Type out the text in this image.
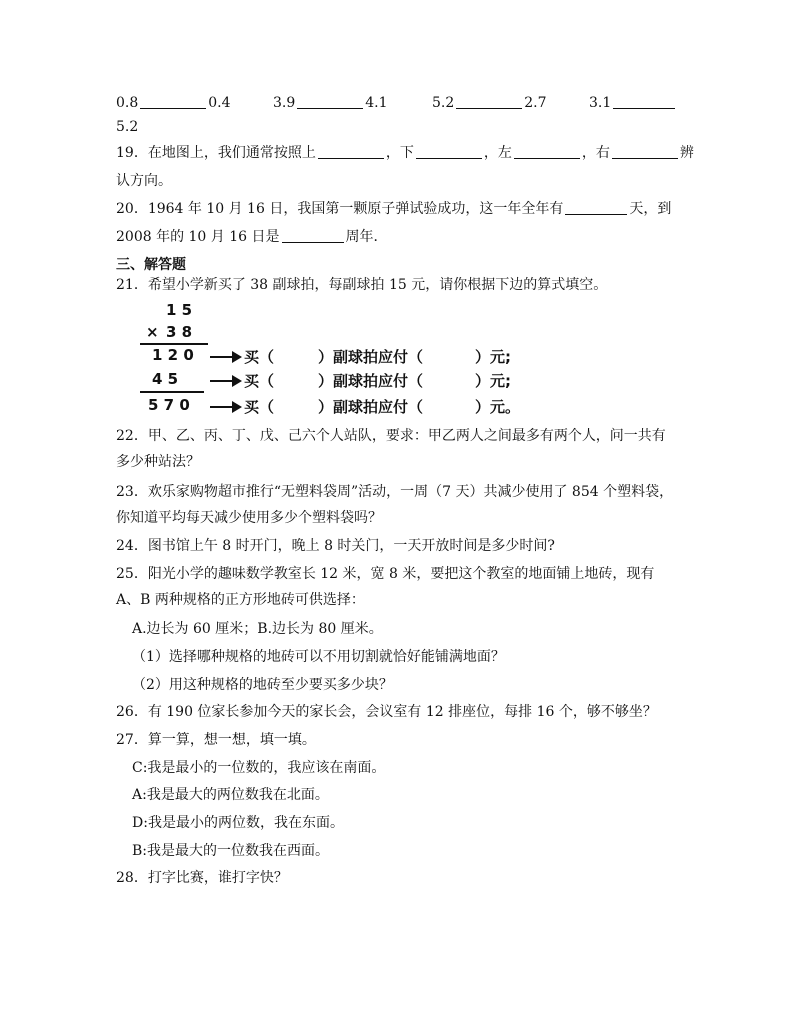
0.8	0.4	3.9	4.1	5.2	2.7	3.1
5.2
19．在地图上，我们通常按照上	，下	，左	，右	辨
认方向。
20．1964 年 10 月 16 日，我国第一颗原子弹试验成功，这一年全年有	天，到
2008 年的 10 月 16 日是	周年．
三、解答题
21．希望小学新买了 38 副球拍，每副球拍 15 元，请你根据下边的算式填空。
1 5
× 3 8
1 2 0	买（	）副球拍应付（	）元;
4 5	买（	）副球拍应付（	）元;
5 7 0	买（	）副球拍应付（	）元。
22．甲、乙、丙、丁、戊、己六个人站队，要求：甲乙两人之间最多有两个人，问一共有
多少种站法？
23．欢乐家购物超市推行“无塑料袋周”活动，一周（7 天）共减少使用了 854 个塑料袋，
你知道平均每天减少使用多少个塑料袋吗？
24．图书馆上午 8 时开门，晚上 8 时关门，一天开放时间是多少时间?
25．阳光小学的趣味数学教室长 12 米，宽 8 米，要把这个教室的地面铺上地砖，现有
A、B 两种规格的正方形地砖可供选择：
A.边长为 60 厘米；B.边长为 80 厘米。
（1）选择哪种规格的地砖可以不用切割就恰好能铺满地面？
（2）用这种规格的地砖至少要买多少块？
26．有 190 位家长参加今天的家长会，会议室有 12 排座位，每排 16 个，够不够坐？
27．算一算，想一想，填一填。
C:我是最小的一位数的，我应该在南面。
A:我是最大的两位数我在北面。
D:我是最小的两位数，我在东面。
B:我是最大的一位数我在西面。
28．打字比赛，谁打字快？
